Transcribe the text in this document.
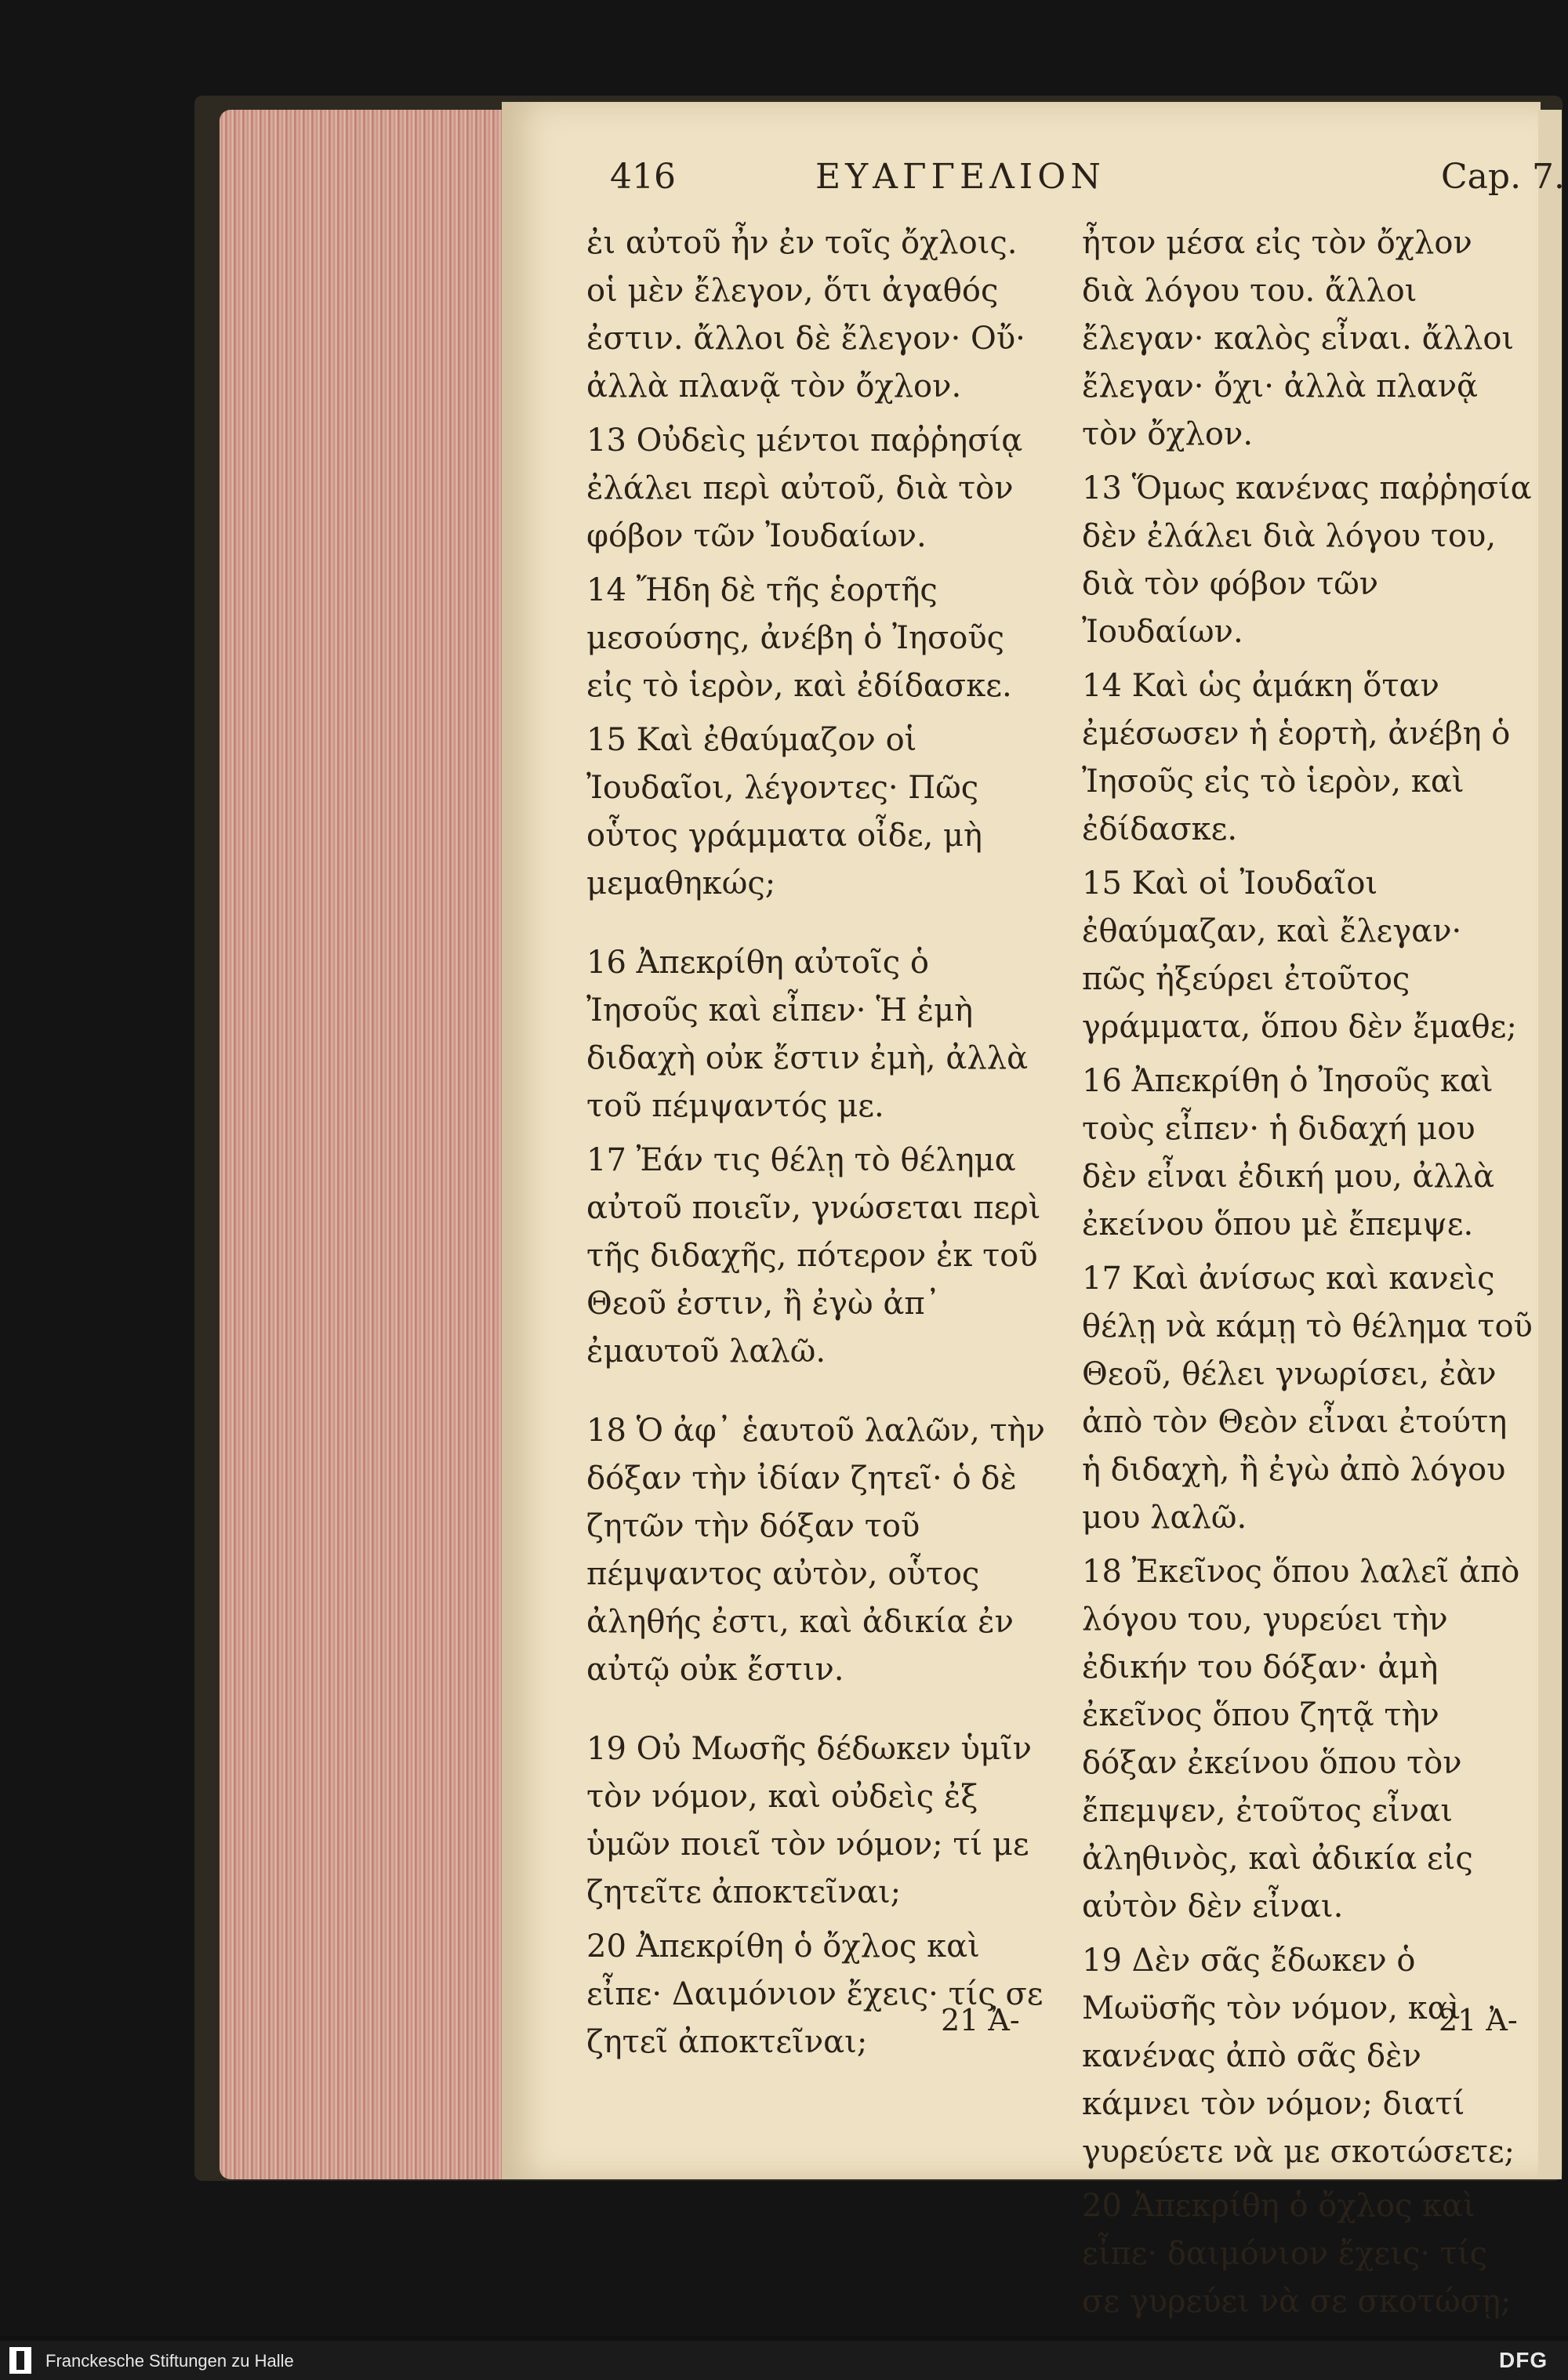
416	ΕΥΑΓΓΕΛΙΟΝ	Cap. 7.

ἐι αὐτοῦ ἦν ἐν τοῖς ὄχλοις. οἱ μὲν ἔλεγον, ὅτι ἀγαθός ἐστιν. ἄλλοι δὲ ἔλεγον· Οὔ· ἀλλὰ πλανᾷ τὸν ὄχλον.

13 Οὐδεὶς μέντοι παῤῥησίᾳ ἐλάλει περὶ αὐτοῦ, διὰ τὸν φόβον τῶν Ἰουδαίων.

14 Ἤδη δὲ τῆς ἑορτῆς μεσούσης, ἀνέβη ὁ Ἰησοῦς εἰς τὸ ἱερὸν, καὶ ἐδίδασκε.

15 Καὶ ἐθαύμαζον οἱ Ἰουδαῖοι, λέγοντες· Πῶς οὗτος γράμματα οἶδε, μὴ μεμαθηκώς;

16 Ἀπεκρίθη αὐτοῖς ὁ Ἰησοῦς καὶ εἶπεν· Ἡ ἐμὴ διδαχὴ οὐκ ἔστιν ἐμὴ, ἀλλὰ τοῦ πέμψαντός με.

17 Ἐάν τις θέλῃ τὸ θέλημα αὐτοῦ ποιεῖν, γνώσεται περὶ τῆς διδαχῆς, πότερον ἐκ τοῦ Θεοῦ ἐστιν, ἢ ἐγὼ ἀπ᾽ ἐμαυτοῦ λαλῶ.

18 Ὁ ἀφ᾽ ἑαυτοῦ λαλῶν, τὴν δόξαν τὴν ἰδίαν ζητεῖ· ὁ δὲ ζητῶν τὴν δόξαν τοῦ πέμψαντος αὐτὸν, οὗτος ἀληθής ἐστι, καὶ ἀδικία ἐν αὐτῷ οὐκ ἔστιν.

19 Οὐ Μωσῆς δέδωκεν ὑμῖν τὸν νόμον, καὶ οὐδεὶς ἐξ ὑμῶν ποιεῖ τὸν νόμον; τί με ζητεῖτε ἀποκτεῖναι;

20 Ἀπεκρίθη ὁ ὄχλος καὶ εἶπε· Δαιμόνιον ἔχεις· τίς σε ζητεῖ ἀποκτεῖναι;

ἦτον μέσα εἰς τὸν ὄχλον διὰ λόγου του. ἄλλοι ἔλεγαν· καλὸς εἶναι. ἄλλοι ἔλεγαν· ὄχι· ἀλλὰ πλανᾷ τὸν ὄχλον.

13 Ὅμως κανένας παῤῥησία δὲν ἐλάλει διὰ λόγου του, διὰ τὸν φόβον τῶν Ἰουδαίων.

14 Καὶ ὡς ἀμάκη ὅταν ἐμέσωσεν ἡ ἑορτὴ, ἀνέβη ὁ Ἰησοῦς εἰς τὸ ἱερὸν, καὶ ἐδίδασκε.

15 Καὶ οἱ Ἰουδαῖοι ἐθαύμαζαν, καὶ ἔλεγαν· πῶς ἠξεύρει ἐτοῦτος γράμματα, ὅπου δὲν ἔμαθε;

16 Ἀπεκρίθη ὁ Ἰησοῦς καὶ τοὺς εἶπεν· ἡ διδαχή μου δὲν εἶναι ἐδική μου, ἀλλὰ ἐκείνου ὅπου μὲ ἔπεμψε.

17 Καὶ ἀνίσως καὶ κανεὶς θέλῃ νὰ κάμῃ τὸ θέλημα τοῦ Θεοῦ, θέλει γνωρίσει, ἐὰν ἀπὸ τὸν Θεὸν εἶναι ἐτούτη ἡ διδαχὴ, ἢ ἐγὼ ἀπὸ λόγου μου λαλῶ.

18 Ἐκεῖνος ὅπου λαλεῖ ἀπὸ λόγου του, γυρεύει τὴν ἐδικήν του δόξαν· ἀμὴ ἐκεῖνος ὅπου ζητᾷ τὴν δόξαν ἐκείνου ὅπου τὸν ἔπεμψεν, ἐτοῦτος εἶναι ἀληθινὸς, καὶ ἀδικία εἰς αὐτὸν δὲν εἶναι.

19 Δὲν σᾶς ἔδωκεν ὁ Μωϋσῆς τὸν νόμον, καὶ κανένας ἀπὸ σᾶς δὲν κάμνει τὸν νόμον; διατί γυρεύετε νὰ με σκοτώσετε;

20 Ἀπεκρίθη ὁ ὄχλος καὶ εἶπε· δαιμόνιον ἔχεις· τίς σε γυρεύει νὰ σε σκοτώσῃ;

21 Ἀ-	21 Ἀ-
Franckesche Stiftungen zu Halle	DFG
